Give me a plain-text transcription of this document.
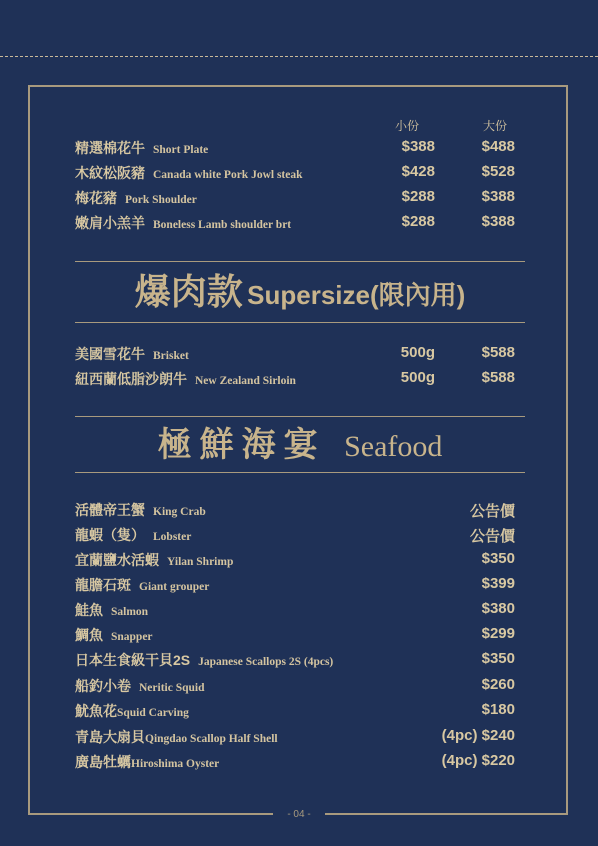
小份	大份
精選棉花牛 Short Plate	$388	$488
木紋松阪豬 Canada white Pork Jowl steak	$428	$528
梅花豬 Pork Shoulder	$288	$388
嫩肩小羔羊 Boneless Lamb shoulder brt	$288	$388
爆肉款 Supersize(限內用)
美國雪花牛 Brisket	500g	$588
紐西蘭低脂沙朗牛 New Zealand Sirloin	500g	$588
極鮮海宴 Seafood
活體帝王蟹 King Crab	公告價
龍蝦（隻） Lobster	公告價
宜蘭鹽水活蝦 Yilan Shrimp	$350
龍膽石斑 Giant grouper	$399
鮭魚 Salmon	$380
鯛魚 Snapper	$299
日本生食級干貝2S Japanese Scallops 2S (4pcs)	$350
船釣小卷 Neritic Squid	$260
魷魚花 Squid Carving	$180
青島大扇貝 Qingdao Scallop Half Shell	(4pc) $240
廣島牡蠣 Hiroshima Oyster	(4pc) $220
- 04 -
